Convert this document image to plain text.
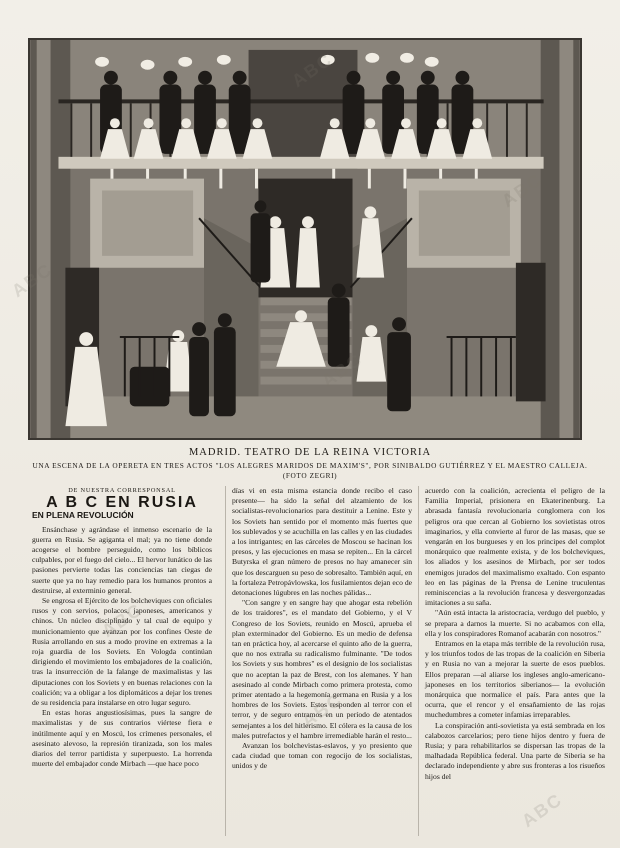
MADRID. TEATRO DE LA REINA VICTORIA
UNA ESCENA DE LA OPERETA EN TRES ACTOS "LOS ALEGRES MARIDOS DE MAXIM'S", POR SINIBALDO GUTIÉRREZ Y EL MAESTRO CALLEJA.
(FOTO ZEGRI)

DE NUESTRA CORRESPONSAL

A B C EN RUSIA
EN PLENA REVOLUCIÓN

Ensánchase y agrándase el inmenso escenario de la guerra en Rusia. Se agiganta el mal; ya no tiene donde acogerse el hombre perseguido, como los bíblicos culpables, por el fuego del cielo... El hervor lunático de las pasiones pervierte todas las conciencias tan ciegas de suerte que ya no hay remedio para los humanos prontos a destruirse, al exterminio general.

Se engrosa el Ejército de los bolcheviques con oficiales rusos y con servios, polacos, japoneses, americanos y chinos. Un núcleo disciplinado y tal cual de equipo y municionamiento que avanzan por los confines Oeste de Rusia arrollando en sus a modo provine en extremas a la roja guardia de los Soviets. En Vologda continúan dirigiendo el movimiento los embajadores de la coalición, tras la insurrección de la falange de maximalistas y las diputaciones con los Soviets y en buenas relaciones con la coalición; va a obligar a los diplomáticos a dejar los trenes de su residencia para instalarse en otro lugar seguro.

En estas horas angustiosísimas, pues la sangre de maximalistas y de sus contrarios viértese fiera e inútilmente aquí y en Moscú, los crímenes personales, el asesinato alevoso, la represión tiranizada, son los males diarios del terror partidista y superpuesto. La horrenda muerte del embajador conde Mirbach —que hace poco

días vi en esta misma estancia donde recibo el caso presente— ha sido la señal del alzamiento de los socialistas-revolucionarios para destituir a Lenine. Este y los Soviets han sentido por el momento más fuertes que los sublevados y se acuchilla en las calles y en las ciudades a los intrigantes; en las cárceles de Moscou se hacinan los presos, y las ejecuciones en masa se repiten... En la cárcel Butyrska el gran número de presos no hay amanecer sin que los descarguen su peso de sobresalto. También aquí, en la fortaleza Petropávlowska, los fusilamientos dejan eco de detonaciones lúgubres en las noches pálidas...

"Con sangre y en sangre hay que ahogar esta rebelión de los traidores", es el mandato del Gobierno, y el V Congreso de los Soviets, reunido en Moscú, aprueba el plan exterminador del Gobierno. Es un medio de defensa tan en práctica hoy, al acercarse el quinto año de la guerra, que no nos extraña su radicalismo fulminante. "De todos los Soviets y sus hombres" es el designio de los socialistas que no aceptan la paz de Brest, con los alemanes. Y han asesinado al conde Mirbach como primera protesta, como primer atentado a la hegemonía germana en Rusia y a los hombres de los Soviets. Estos responden al terror con el terror, y de seguro entramos en un período de atentados semejantes a los del hitlerismo. El cólera es la causa de los males putrefactos y el hambre irremediable harán el resto...

Avanzan los bolchevistas-eslavos, y yo presiento que cada ciudad que toman con regocijo de los socialistas, unidos y de

acuerdo con la coalición, acrecienta el peligro de la Familia Imperial, prisionera en Ekaterinenburg. La abrasada fantasía revolucionaria conglomera con los peligros ora que cercan al Gobierno los sovietistas otros imaginarios, y ella convierte al furor de las masas, que se vengarán en los burgueses y en los principes del complot monárquico que realmente exista, y de los bolcheviques, los aliados y los asesinos de Mirbach, por ser todos enemigos jurados del maximalismo exaltado. Con espanto leo en las páginas de la Prensa de Lenine truculentas reminiscencias a la revolución francesa y desvergonzadas imitaciones a su saña.

"Aún está intacta la aristocracia, verdugo del pueblo, y se prepara a darnos la muerte. Si no acabamos con ella, ella y los conspiradores Romanof acabarán con nosotros."

Entramos en la etapa más terrible de la revolución rusa, y los triunfos todos de las tropas de la coalición en Siberia y en Rusia no van a mejorar la suerte de esos pueblos. Ellos preparan —al aliarse los ingleses anglo-americano-japoneses en los territorios siberianos— la evolución monárquica que normalice el país. Para antes que la ocurra, que el rencor y el ensañamiento de las rojas muchedumbres a cometer infamias irreparables.

La conspiración anti-sovietista ya está sembrada en los calabozos carcelarios; pero tiene hijos dentro y fuera de Rusia; y para rehabilitarlos se dispersan las tropas de la malhadada República federal. Una parte de Siberia se ha declarado independiente y abre sus fronteras a los risueños hijos del

ABC
ABC
ABC
